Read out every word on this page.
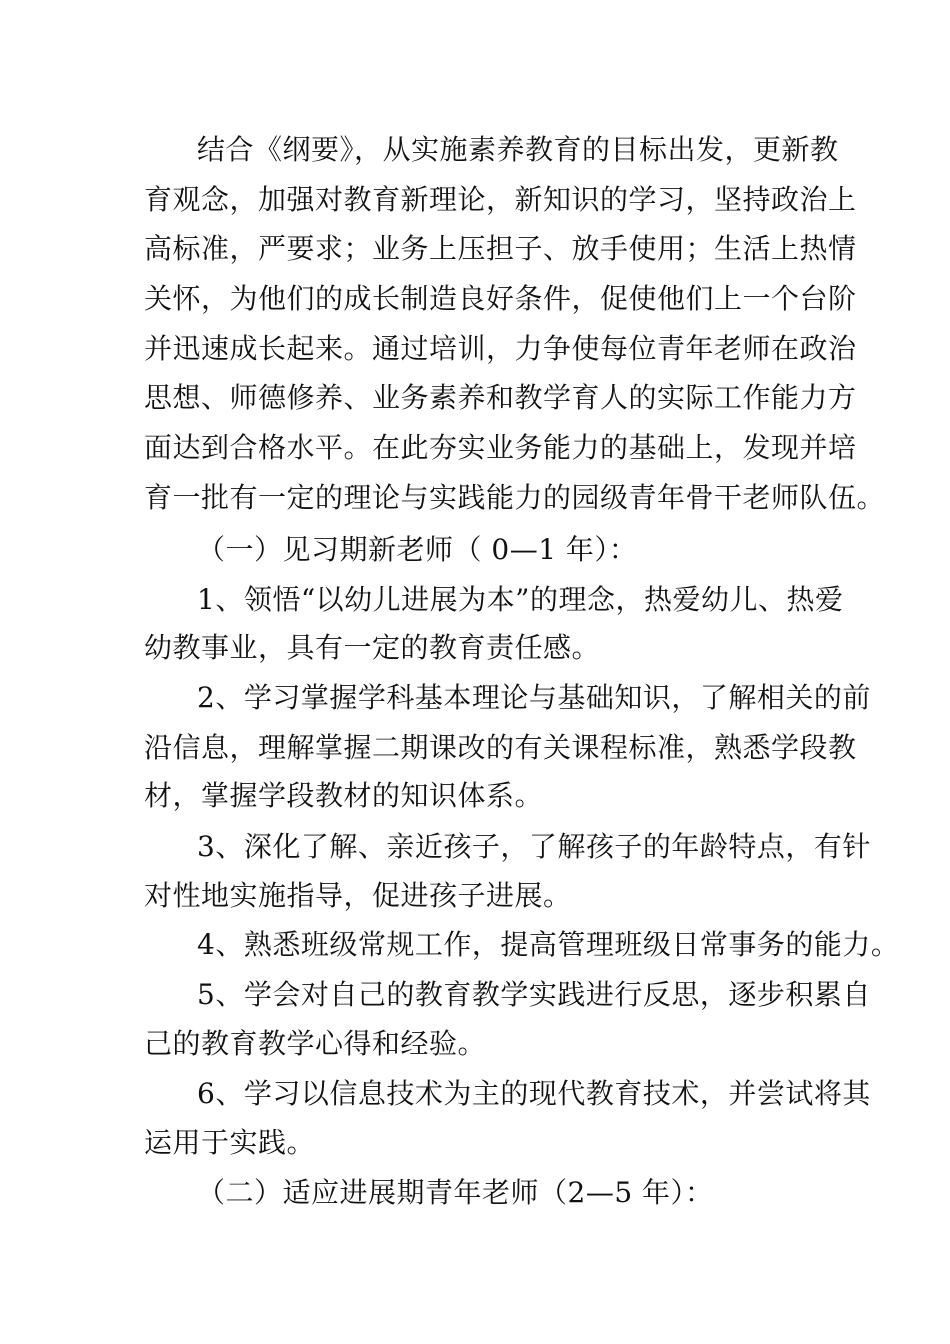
结合《纲要》，从实施素养教育的目标出发，更新教
育观念，加强对教育新理论，新知识的学习，坚持政治上
高标准，严要求；业务上压担子、放手使用；生活上热情
关怀，为他们的成长制造良好条件，促使他们上一个台阶
并迅速成长起来。通过培训，力争使每位青年老师在政治
思想、师德修养、业务素养和教学育人的实际工作能力方
面达到合格水平。在此夯实业务能力的基础上，发现并培
育一批有一定的理论与实践能力的园级青年骨干老师队伍。
（一）见习期新老师（ 0—1 年）：
1、领悟“以幼儿进展为本”的理念，热爱幼儿、热爱
幼教事业，具有一定的教育责任感。
2、学习掌握学科基本理论与基础知识，了解相关的前
沿信息，理解掌握二期课改的有关课程标准，熟悉学段教
材，掌握学段教材的知识体系。
3、深化了解、亲近孩子，了解孩子的年龄特点，有针
对性地实施指导，促进孩子进展。
4、熟悉班级常规工作，提高管理班级日常事务的能力。
5、学会对自己的教育教学实践进行反思，逐步积累自
己的教育教学心得和经验。
6、学习以信息技术为主的现代教育技术，并尝试将其
运用于实践。
（二）适应进展期青年老师（2—5 年）：
